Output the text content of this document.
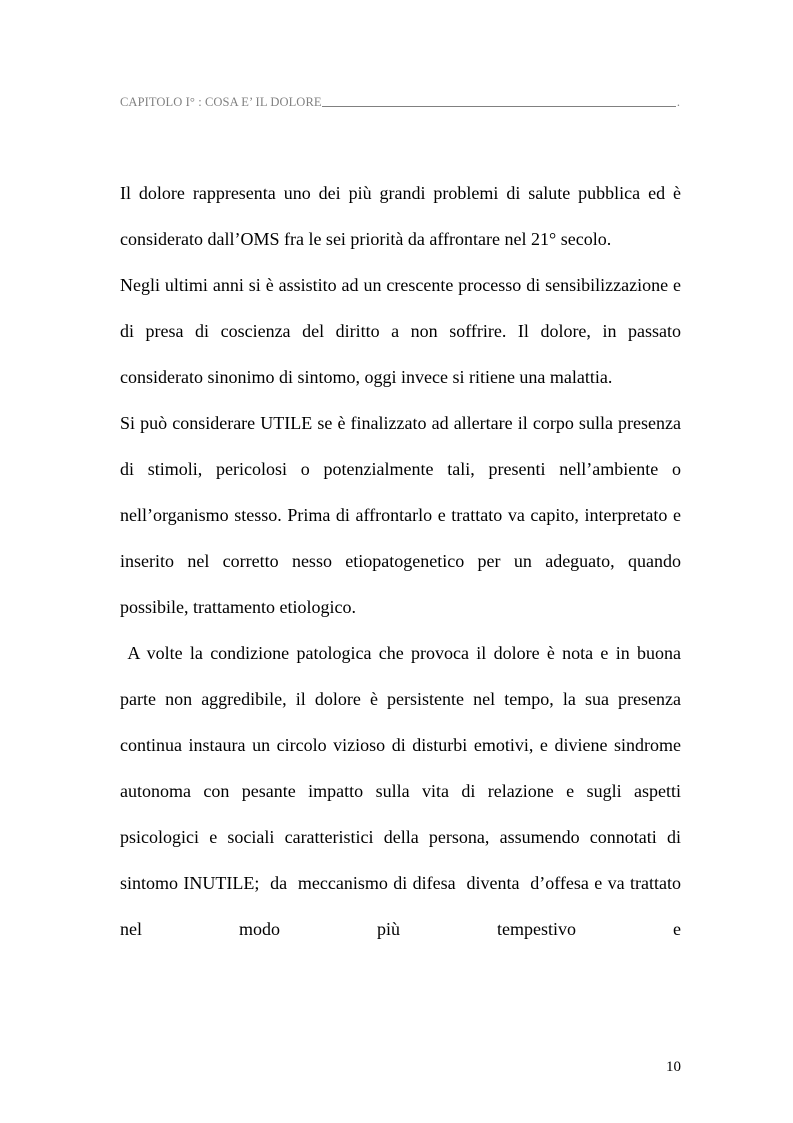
CAPITOLO I° : COSA E’ IL DOLORE	.

Il dolore rappresenta uno dei più grandi problemi di salute pubblica ed è considerato dall’OMS fra le sei priorità da affrontare nel 21° secolo.

Negli ultimi anni si è assistito ad un crescente processo di sensibilizzazione e di presa di coscienza del diritto a non soffrire. Il dolore, in passato considerato sinonimo di sintomo, oggi invece si ritiene una malattia.

Si può considerare UTILE se è finalizzato ad allertare il corpo sulla presenza di stimoli, pericolosi o potenzialmente tali, presenti nell’ambiente o nell’organismo stesso. Prima di affrontarlo e trattato va capito, interpretato e inserito nel corretto nesso etiopatogenetico per un adeguato, quando possibile, trattamento etiologico.

A volte la condizione patologica che provoca il dolore è nota e in buona parte non aggredibile, il dolore è persistente nel tempo, la sua presenza continua instaura un circolo vizioso di disturbi emotivi, e diviene sindrome autonoma con pesante impatto sulla vita di relazione e sugli aspetti psicologici e sociali caratteristici della persona, assumendo connotati di sintomo INUTILE;  da  meccanismo di difesa  diventa  d’offesa e va trattato nel modo più tempestivo e

10
